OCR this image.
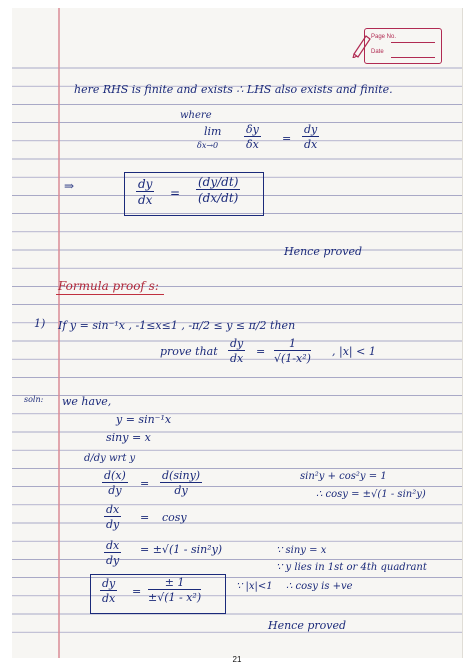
Page No.
Date
here RHS is finite and exists ∴ LHS also exists and finite.
where
lim
$\delta x\to 0 \frac{\delta y}{\delta x} = \frac{dy}{dx}$
⇒	$\frac{dy}{dx} = \frac{(dy/dt)}{(dx/dt)}$
Hence proved
Formula proof s:
1) If y = sin⁻¹x , -1≤x≤1 , -π/2 ≤ y ≤ π/2 then
prove that $\frac{dy}{dx} = \frac{1}{\text{√(1-x²)}}$ , |x| < 1
soln: we have,
y = sin⁻¹x
siny = x
d/dy wrt y
$\frac{d(x)}{dy} = \frac{d(\sin y)}{dy}$	sin²y + cos²y = 1
∴ cosy = ±√(1 - sin²y)
$\frac{dx}{dy} = \cos y$
$\frac{dx}{dy} = \pm√(1 - \sin^2y)$	∵ siny = x
∵ y lies in 1st or 4th quadrant
$\frac{dy}{dx} = \frac{\pm 1}{\text{±√(1 - x²)}}$	∵ |x|<1 ∴ cosy is +ve
Hence proved
21
